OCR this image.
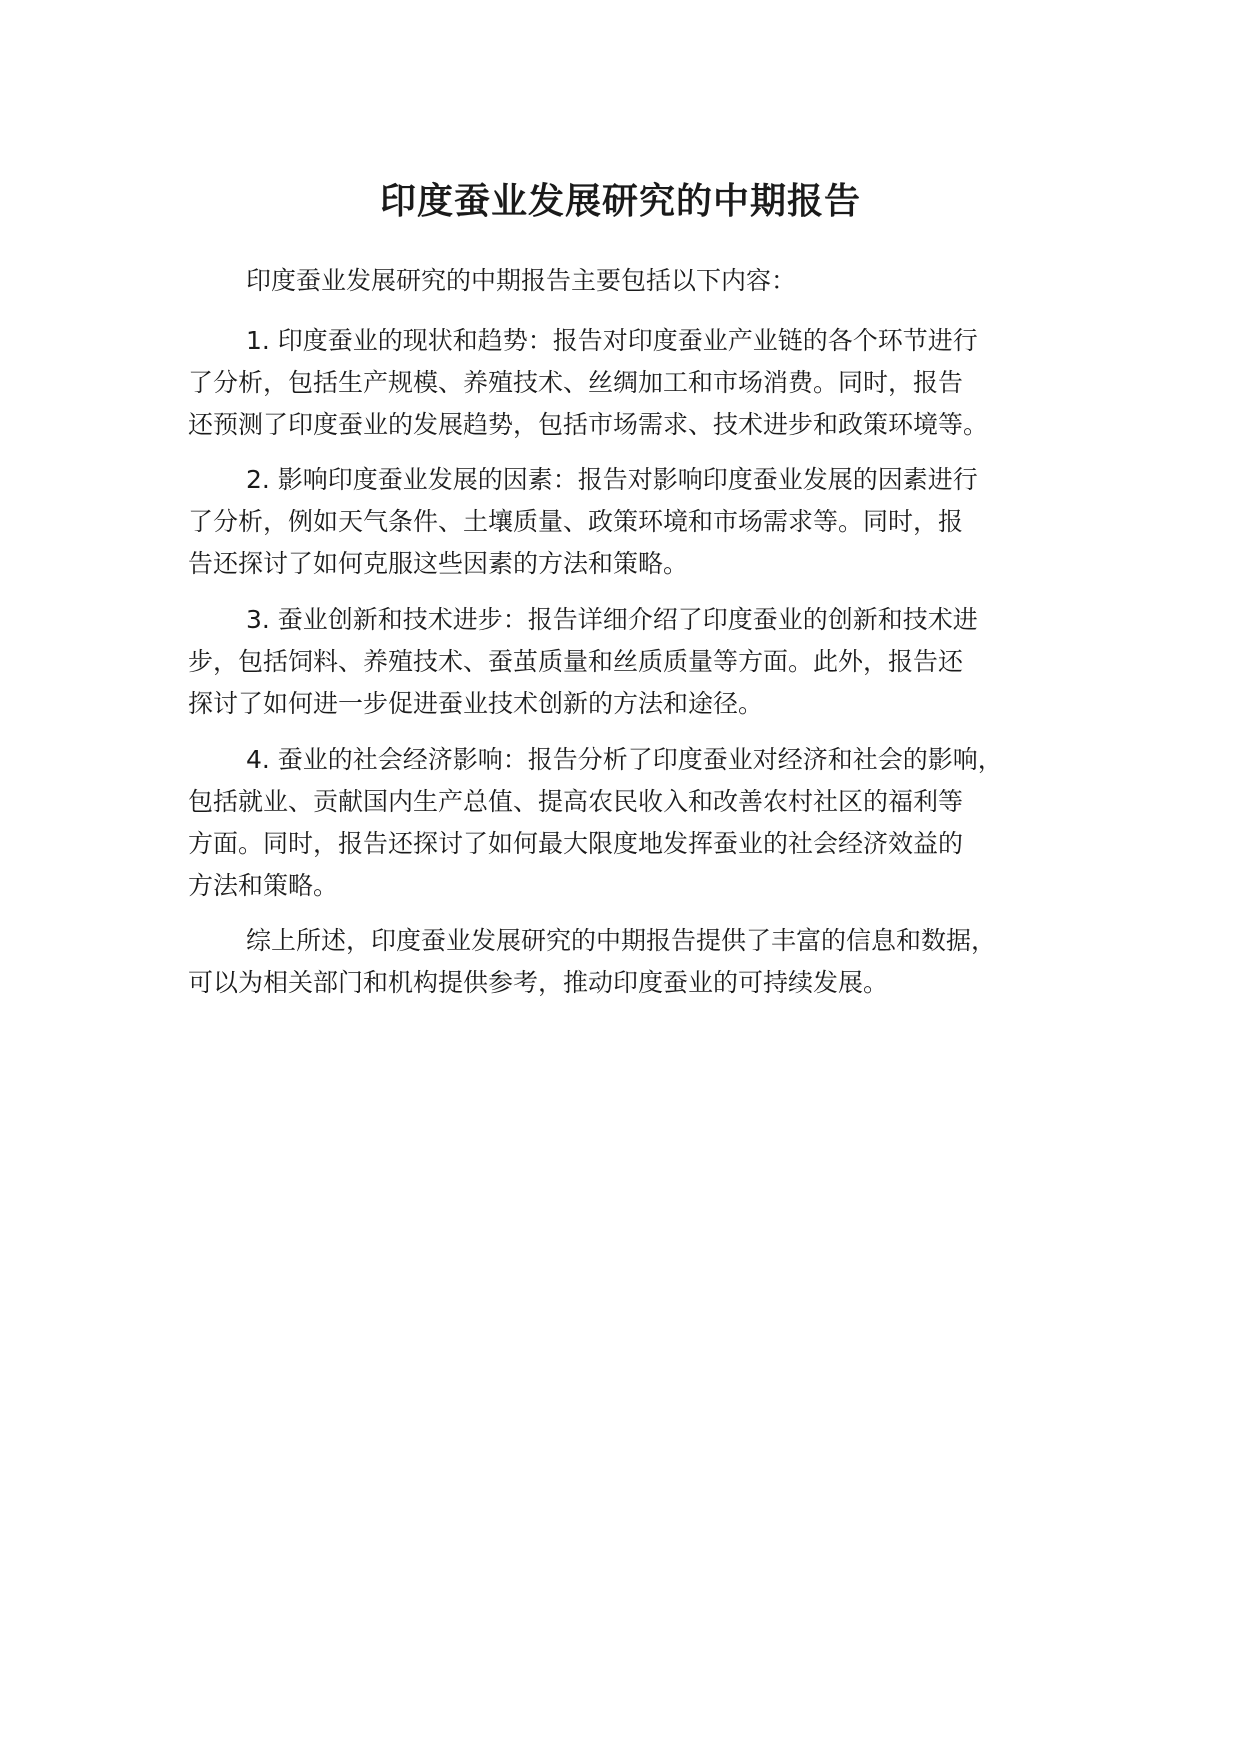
印度蚕业发展研究的中期报告

印度蚕业发展研究的中期报告主要包括以下内容：

1. 印度蚕业的现状和趋势：报告对印度蚕业产业链的各个环节进行

了分析，包括生产规模、养殖技术、丝绸加工和市场消费。同时，报告

还预测了印度蚕业的发展趋势，包括市场需求、技术进步和政策环境等。

2. 影响印度蚕业发展的因素：报告对影响印度蚕业发展的因素进行

了分析，例如天气条件、土壤质量、政策环境和市场需求等。同时，报

告还探讨了如何克服这些因素的方法和策略。

3. 蚕业创新和技术进步：报告详细介绍了印度蚕业的创新和技术进

步，包括饲料、养殖技术、蚕茧质量和丝质质量等方面。此外，报告还

探讨了如何进一步促进蚕业技术创新的方法和途径。

4. 蚕业的社会经济影响：报告分析了印度蚕业对经济和社会的影响，

包括就业、贡献国内生产总值、提高农民收入和改善农村社区的福利等

方面。同时，报告还探讨了如何最大限度地发挥蚕业的社会经济效益的

方法和策略。

综上所述，印度蚕业发展研究的中期报告提供了丰富的信息和数据，

可以为相关部门和机构提供参考，推动印度蚕业的可持续发展。
